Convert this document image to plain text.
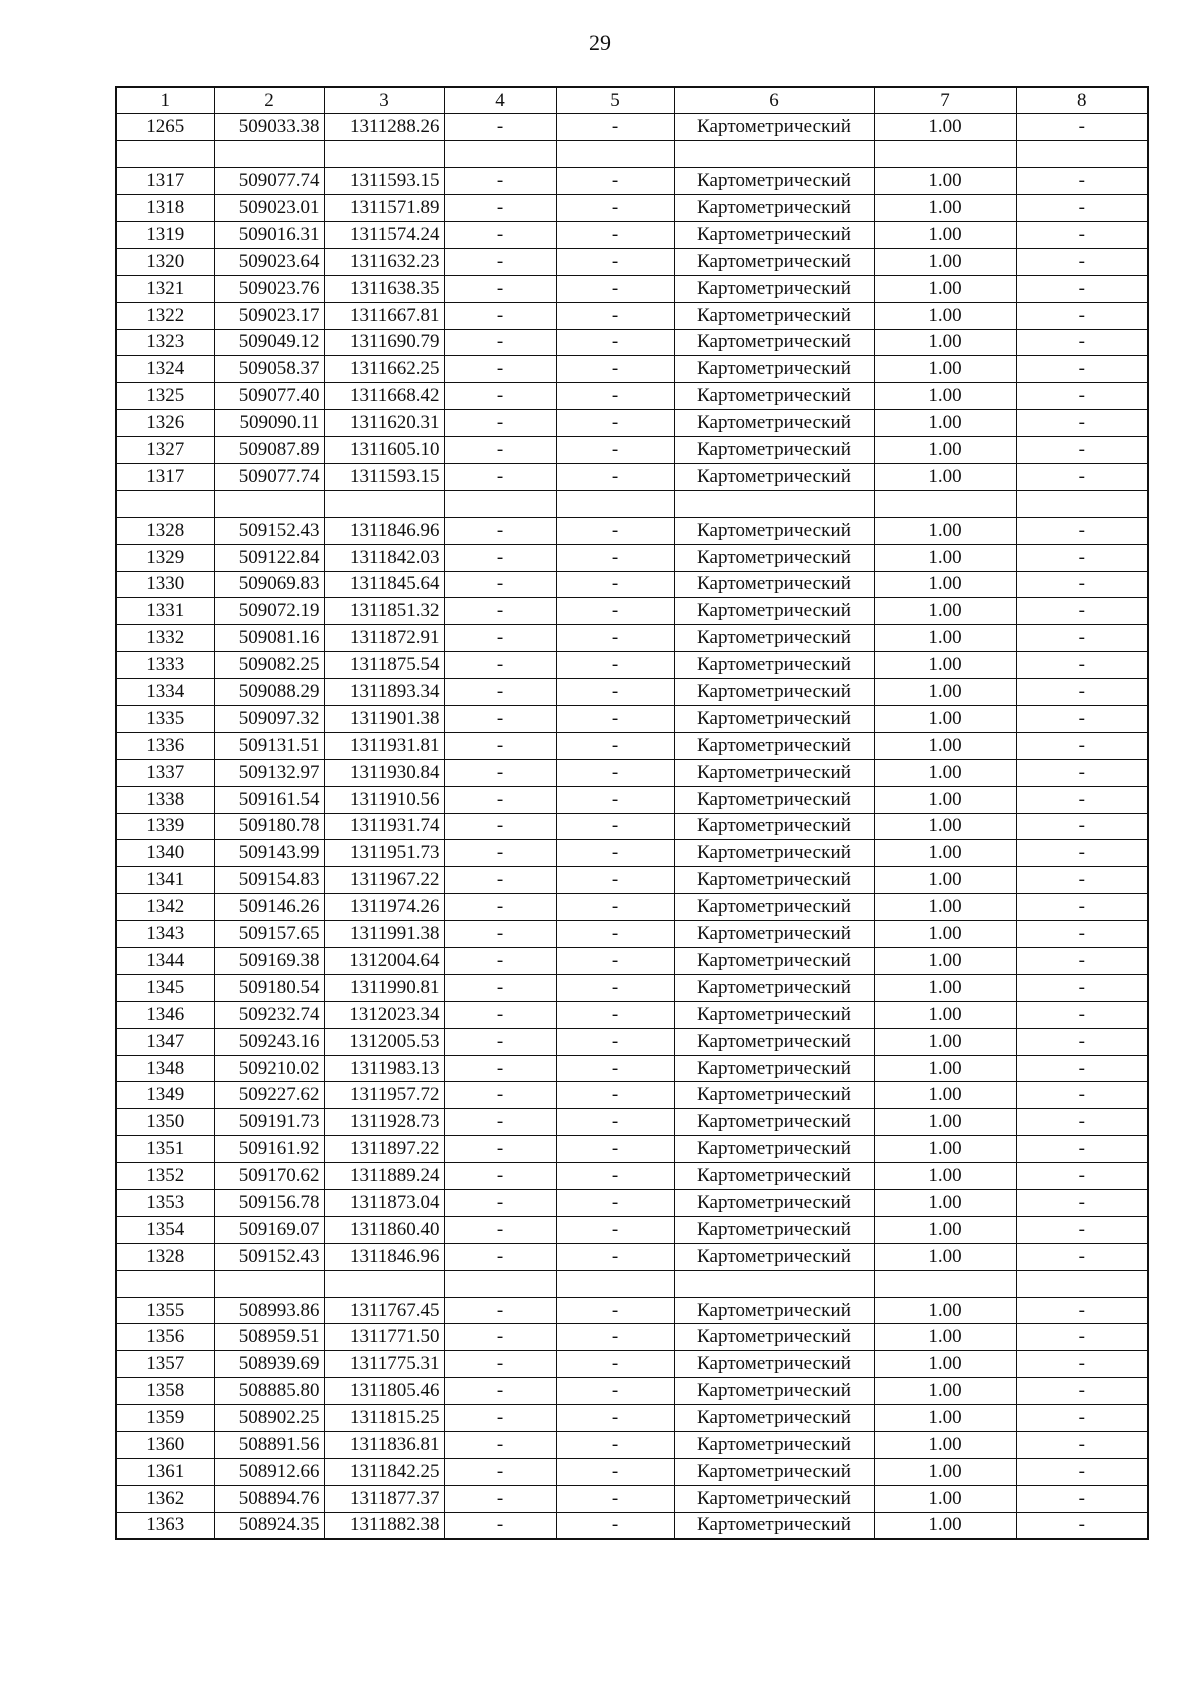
29
1	2	3	4	5	6	7	8
1265	509033.38	1311288.26	-	-	Картометрический	1.00	-

1317	509077.74	1311593.15	-	-	Картометрический	1.00	-
1318	509023.01	1311571.89	-	-	Картометрический	1.00	-
1319	509016.31	1311574.24	-	-	Картометрический	1.00	-
1320	509023.64	1311632.23	-	-	Картометрический	1.00	-
1321	509023.76	1311638.35	-	-	Картометрический	1.00	-
1322	509023.17	1311667.81	-	-	Картометрический	1.00	-
1323	509049.12	1311690.79	-	-	Картометрический	1.00	-
1324	509058.37	1311662.25	-	-	Картометрический	1.00	-
1325	509077.40	1311668.42	-	-	Картометрический	1.00	-
1326	509090.11	1311620.31	-	-	Картометрический	1.00	-
1327	509087.89	1311605.10	-	-	Картометрический	1.00	-
1317	509077.74	1311593.15	-	-	Картометрический	1.00	-

1328	509152.43	1311846.96	-	-	Картометрический	1.00	-
1329	509122.84	1311842.03	-	-	Картометрический	1.00	-
1330	509069.83	1311845.64	-	-	Картометрический	1.00	-
1331	509072.19	1311851.32	-	-	Картометрический	1.00	-
1332	509081.16	1311872.91	-	-	Картометрический	1.00	-
1333	509082.25	1311875.54	-	-	Картометрический	1.00	-
1334	509088.29	1311893.34	-	-	Картометрический	1.00	-
1335	509097.32	1311901.38	-	-	Картометрический	1.00	-
1336	509131.51	1311931.81	-	-	Картометрический	1.00	-
1337	509132.97	1311930.84	-	-	Картометрический	1.00	-
1338	509161.54	1311910.56	-	-	Картометрический	1.00	-
1339	509180.78	1311931.74	-	-	Картометрический	1.00	-
1340	509143.99	1311951.73	-	-	Картометрический	1.00	-
1341	509154.83	1311967.22	-	-	Картометрический	1.00	-
1342	509146.26	1311974.26	-	-	Картометрический	1.00	-
1343	509157.65	1311991.38	-	-	Картометрический	1.00	-
1344	509169.38	1312004.64	-	-	Картометрический	1.00	-
1345	509180.54	1311990.81	-	-	Картометрический	1.00	-
1346	509232.74	1312023.34	-	-	Картометрический	1.00	-
1347	509243.16	1312005.53	-	-	Картометрический	1.00	-
1348	509210.02	1311983.13	-	-	Картометрический	1.00	-
1349	509227.62	1311957.72	-	-	Картометрический	1.00	-
1350	509191.73	1311928.73	-	-	Картометрический	1.00	-
1351	509161.92	1311897.22	-	-	Картометрический	1.00	-
1352	509170.62	1311889.24	-	-	Картометрический	1.00	-
1353	509156.78	1311873.04	-	-	Картометрический	1.00	-
1354	509169.07	1311860.40	-	-	Картометрический	1.00	-
1328	509152.43	1311846.96	-	-	Картометрический	1.00	-

1355	508993.86	1311767.45	-	-	Картометрический	1.00	-
1356	508959.51	1311771.50	-	-	Картометрический	1.00	-
1357	508939.69	1311775.31	-	-	Картометрический	1.00	-
1358	508885.80	1311805.46	-	-	Картометрический	1.00	-
1359	508902.25	1311815.25	-	-	Картометрический	1.00	-
1360	508891.56	1311836.81	-	-	Картометрический	1.00	-
1361	508912.66	1311842.25	-	-	Картометрический	1.00	-
1362	508894.76	1311877.37	-	-	Картометрический	1.00	-
1363	508924.35	1311882.38	-	-	Картометрический	1.00	-
